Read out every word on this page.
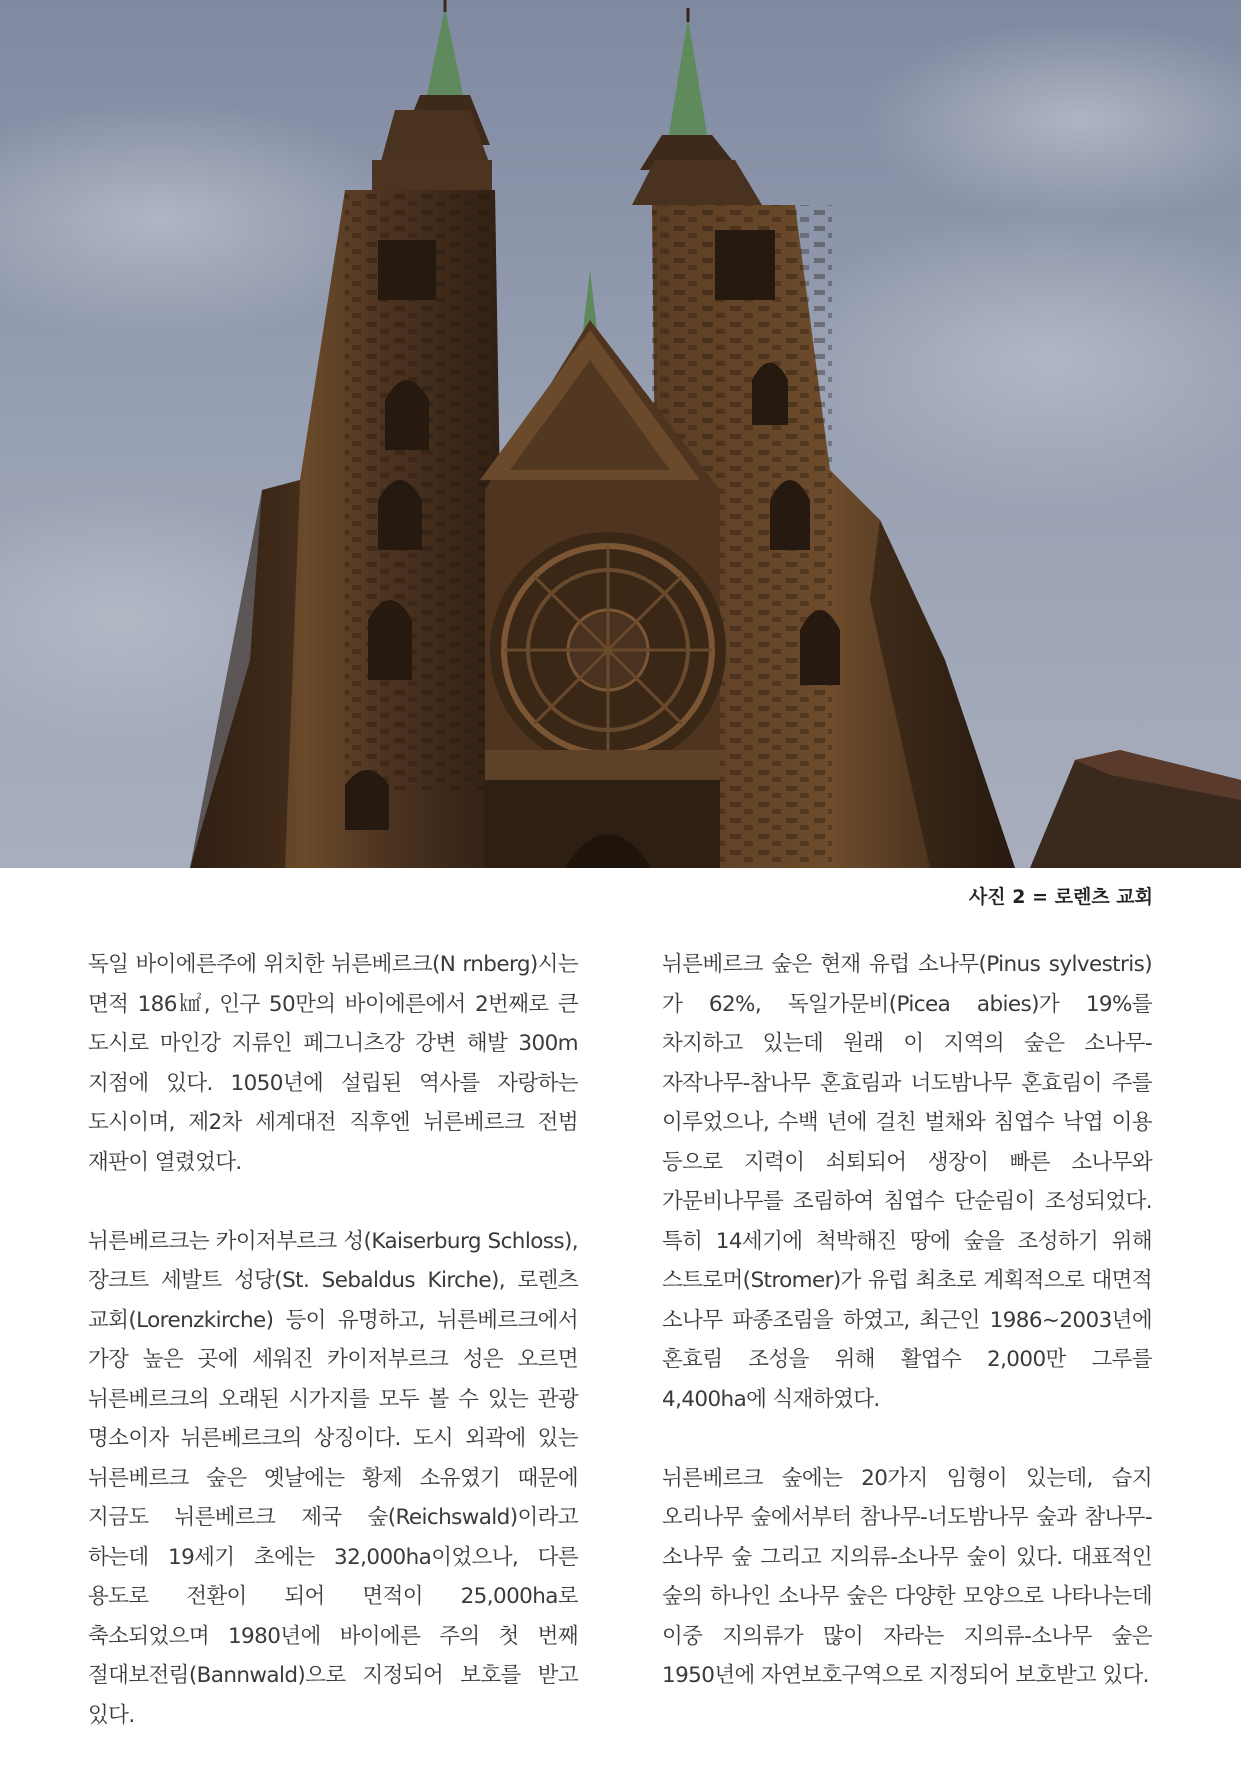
사진 2 = 로렌츠 교회

독일 바이에른주에 위치한 뉘른베르크(N rnberg)시는 면적 186㎢, 인구 50만의 바이에른에서 2번째로 큰 도시로 마인강 지류인 페그니츠강 강변 해발 300m 지점에 있다. 1050년에 설립된 역사를 자랑하는 도시이며, 제2차 세계대전 직후엔 뉘른베르크 전범 재판이 열렸었다.

뉘른베르크는 카이저부르크 성(Kaiserburg Schloss), 장크트 세발트 성당(St. Sebaldus Kirche), 로렌츠 교회(Lorenzkirche) 등이 유명하고, 뉘른베르크에서 가장 높은 곳에 세워진 카이저부르크 성은 오르면 뉘른베르크의 오래된 시가지를 모두 볼 수 있는 관광 명소이자 뉘른베르크의 상징이다. 도시 외곽에 있는 뉘른베르크 숲은 옛날에는 황제 소유였기 때문에 지금도 뉘른베르크 제국 숲(Reichswald)이라고 하는데 19세기 초에는 32,000ha이었으나, 다른 용도로 전환이 되어 면적이 25,000ha로 축소되었으며 1980년에 바이에른 주의 첫 번째 절대보전림(Bannwald)으로 지정되어 보호를 받고 있다.

뉘른베르크 숲은 현재 유럽 소나무(Pinus sylvestris)가 62%, 독일가문비(Picea abies)가 19%를 차지하고 있는데 원래 이 지역의 숲은 소나무-자작나무-참나무 혼효림과 너도밤나무 혼효림이 주를 이루었으나, 수백 년에 걸친 벌채와 침엽수 낙엽 이용 등으로 지력이 쇠퇴되어 생장이 빠른 소나무와 가문비나무를 조림하여 침엽수 단순림이 조성되었다. 특히 14세기에 척박해진 땅에 숲을 조성하기 위해 스트로머(Stromer)가 유럽 최초로 계획적으로 대면적 소나무 파종조림을 하였고, 최근인 1986~2003년에 혼효림 조성을 위해 활엽수 2,000만 그루를 4,400ha에 식재하였다.

뉘른베르크 숲에는 20가지 임형이 있는데, 습지 오리나무 숲에서부터 참나무-너도밤나무 숲과 참나무-소나무 숲 그리고 지의류-소나무 숲이 있다. 대표적인 숲의 하나인 소나무 숲은 다양한 모양으로 나타나는데 이중 지의류가 많이 자라는 지의류-소나무 숲은 1950년에 자연보호구역으로 지정되어 보호받고 있다.
